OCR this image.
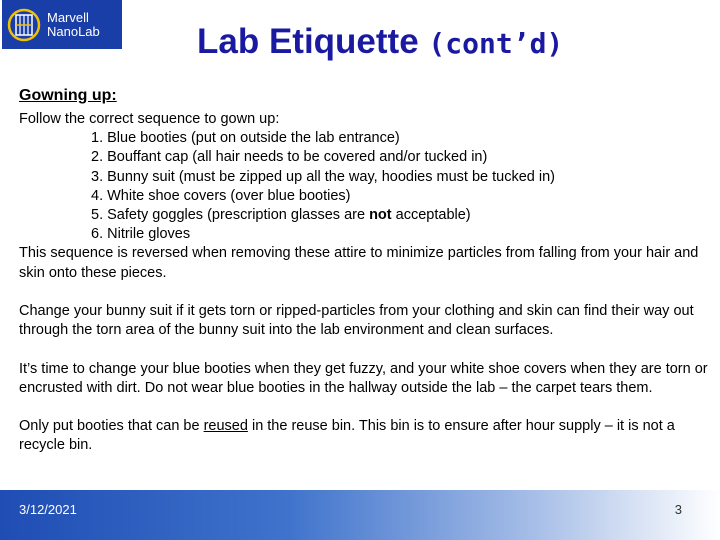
Marvell
NanoLab	Lab Etiquette (cont’d)
Gowning up:

Follow the correct sequence to gown up:

1. Blue booties (put on outside the lab entrance)
2. Bouffant cap (all hair needs to be covered and/or tucked in)
3. Bunny suit (must be zipped up all the way, hoodies must be tucked in)
4. White shoe covers (over blue booties)
5. Safety goggles (prescription glasses are not acceptable)
6. Nitrile gloves

This sequence is reversed when removing these attire to minimize particles from falling from your hair and skin onto these pieces.

Change your bunny suit if it gets torn or ripped-particles from your clothing and skin can find their way out through the torn area of the bunny suit into the lab environment and clean surfaces.

It’s time to change your blue booties when they get fuzzy, and your white shoe covers when they are torn or encrusted with dirt. Do not wear blue booties in the hallway outside the lab – the carpet tears them.

Only put booties that can be reused in the reuse bin. This bin is to ensure after hour supply – it is not a recycle bin.

3/12/2021	3
